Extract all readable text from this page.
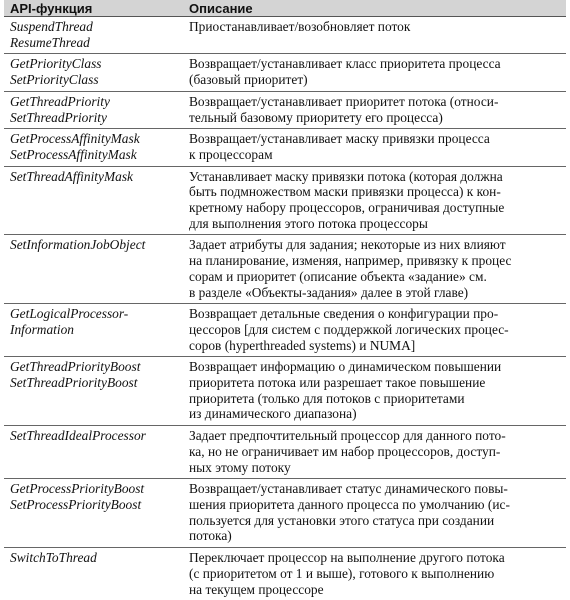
API-функция	Описание

SuspendThread
ResumeThread	Приостанавливает/возобновляет поток

GetPriorityClass
SetPriorityClass	Возвращает/устанавливает класс приоритета процесса
(базовый приоритет)

GetThreadPriority
SetThreadPriority	Возвращает/устанавливает приоритет потока (относи-
тельный базовому приоритету его процесса)

GetProcessAffinityMask
SetProcessAffinityMask	Возвращает/устанавливает маску привязки процесса
к процессорам

SetThreadAffinityMask	Устанавливает маску привязки потока (которая должна
быть подмножеством маски привязки процесса) к кон-
кретному набору процессоров, ограничивая доступные
для выполнения этого потока процессоры

SetInformationJobObject	Задает атрибуты для задания; некоторые из них влияют
на планирование, изменяя, например, привязку к процес
сорам и приоритет (описание объекта «задание» см.
в разделе «Объекты-задания» далее в этой главе)

GetLogicalProcessor-
Information	Возвращает детальные сведения о конфигурации про-
цессоров [для систем с поддержкой логических процес-
соров (hyperthreaded systems) и NUMA]

GetThreadPriorityBoost
SetThreadPriorityBoost	Возвращает информацию о динамическом повышении
приоритета потока или разрешает такое повышение
приоритета (только для потоков с приоритетами
из динамического диапазона)

SetThreadIdealProcessor	Задает предпочтительный процессор для данного пото-
ка, но не ограничивает им набор процессоров, доступ-
ных этому потоку

GetProcessPriorityBoost
SetProcessPriorityBoost	Возвращает/устанавливает статус динамического повы-
шения приоритета данного процесса по умолчанию (ис-
пользуется для установки этого статуса при создании
потока)

SwitchToThread	Переключает процессор на выполнение другого потока
(с приоритетом от 1 и выше), готового к выполнению
на текущем процессоре
